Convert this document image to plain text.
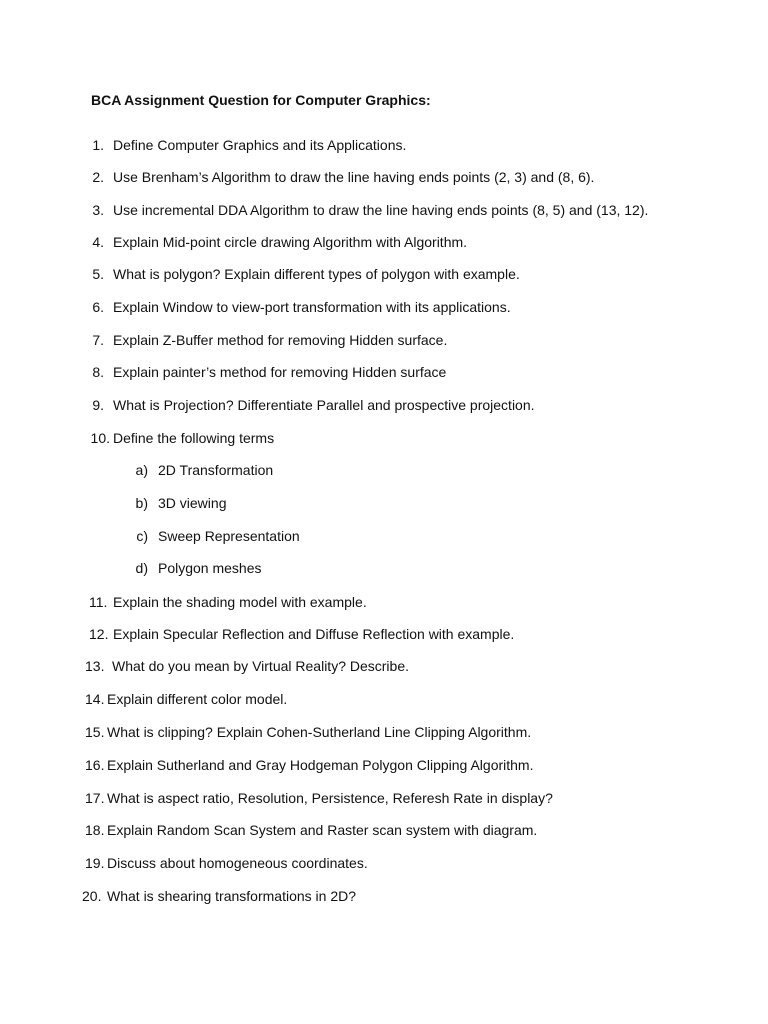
BCA Assignment Question for Computer Graphics:
1. Define Computer Graphics and its Applications.
2. Use Brenham’s Algorithm to draw the line having ends points (2, 3) and (8, 6).
3. Use incremental DDA Algorithm to draw the line having ends points (8, 5) and (13, 12).
4. Explain Mid-point circle drawing Algorithm with Algorithm.
5. What is polygon? Explain different types of polygon with example.
6. Explain Window to view-port transformation with its applications.
7. Explain Z-Buffer method for removing Hidden surface.
8. Explain painter’s method for removing Hidden surface
9. What is Projection? Differentiate Parallel and prospective projection.
10. Define the following terms
a) 2D Transformation
b) 3D viewing
c) Sweep Representation
d) Polygon meshes
11. Explain the shading model with example.
12. Explain Specular Reflection and Diffuse Reflection with example.
13. What do you mean by Virtual Reality? Describe.
14. Explain different color model.
15. What is clipping? Explain Cohen-Sutherland Line Clipping Algorithm.
16. Explain Sutherland and Gray Hodgeman Polygon Clipping Algorithm.
17. What is aspect ratio, Resolution, Persistence, Referesh Rate in display?
18. Explain Random Scan System and Raster scan system with diagram.
19. Discuss about homogeneous coordinates.
20. What is shearing transformations in 2D?
